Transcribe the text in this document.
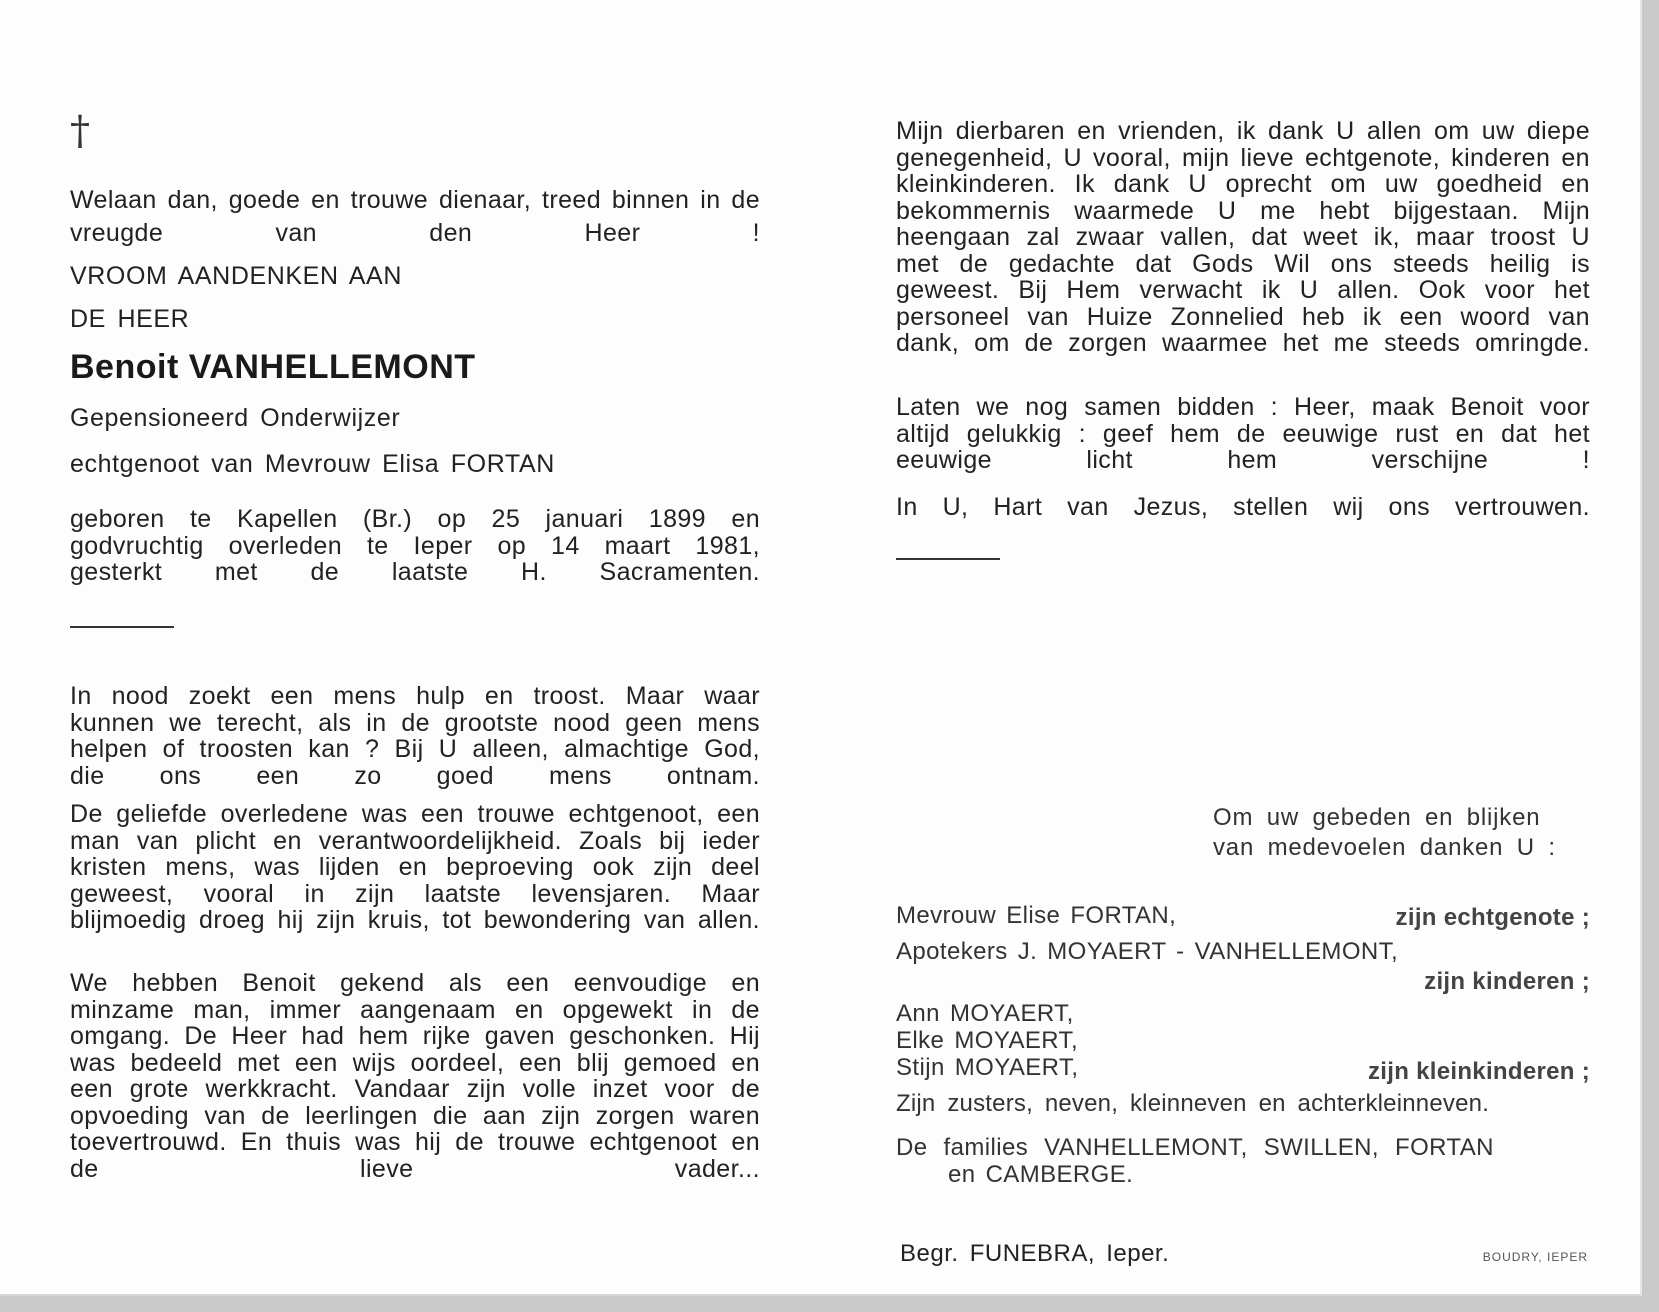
†
Welaan dan, goede en trouwe dienaar, treed binnen in de vreugde van den Heer !
VROOM AANDENKEN AAN
DE HEER
Benoit VANHELLEMONT
Gepensioneerd Onderwijzer
echtgenoot van Mevrouw Elisa FORTAN
geboren te Kapellen (Br.) op 25 januari 1899 en godvruchtig overleden te Ieper op 14 maart 1981, gesterkt met de laatste H. Sacramenten.
In nood zoekt een mens hulp en troost. Maar waar kunnen we terecht, als in de grootste nood geen mens helpen of troosten kan ? Bij U alleen, almachtige God, die ons een zo goed mens ontnam.
De geliefde overledene was een trouwe echtgenoot, een man van plicht en verantwoordelijkheid. Zoals bij ieder kristen mens, was lijden en beproeving ook zijn deel geweest, vooral in zijn laatste levensjaren. Maar blijmoedig droeg hij zijn kruis, tot bewondering van allen.
We hebben Benoit gekend als een eenvoudige en minzame man, immer aangenaam en opgewekt in de omgang. De Heer had hem rijke gaven geschonken. Hij was bedeeld met een wijs oordeel, een blij gemoed en een grote werkkracht. Vandaar zijn volle inzet voor de opvoeding van de leerlingen die aan zijn zorgen waren toevertrouwd. En thuis was hij de trouwe echtgenoot en de lieve vader...
Mijn dierbaren en vrienden, ik dank U allen om uw diepe genegenheid, U vooral, mijn lieve echtgenote, kinderen en kleinkinderen. Ik dank U oprecht om uw goedheid en bekommernis waarmede U me hebt bijgestaan. Mijn heengaan zal zwaar vallen, dat weet ik, maar troost U met de gedachte dat Gods Wil ons steeds heilig is geweest. Bij Hem verwacht ik U allen. Ook voor het personeel van Huize Zonnelied heb ik een woord van dank, om de zorgen waarmee het me steeds omringde.
Laten we nog samen bidden : Heer, maak Benoit voor altijd gelukkig : geef hem de eeuwige rust en dat het eeuwige licht hem verschijne !
In U, Hart van Jezus, stellen wij ons vertrouwen.
Om uw gebeden en blijken
van medevoelen danken U :
Mevrouw Elise FORTAN,	zijn echtgenote ;
Apotekers J. MOYAERT - VANHELLEMONT,
zijn kinderen ;
Ann MOYAERT,
Elke MOYAERT,
Stijn MOYAERT,	zijn kleinkinderen ;
Zijn zusters, neven, kleinneven en achterkleinneven.
De families VANHELLEMONT, SWILLEN, FORTAN
en CAMBERGE.
Begr. FUNEBRA, Ieper.	BOUDRY, IEPER
